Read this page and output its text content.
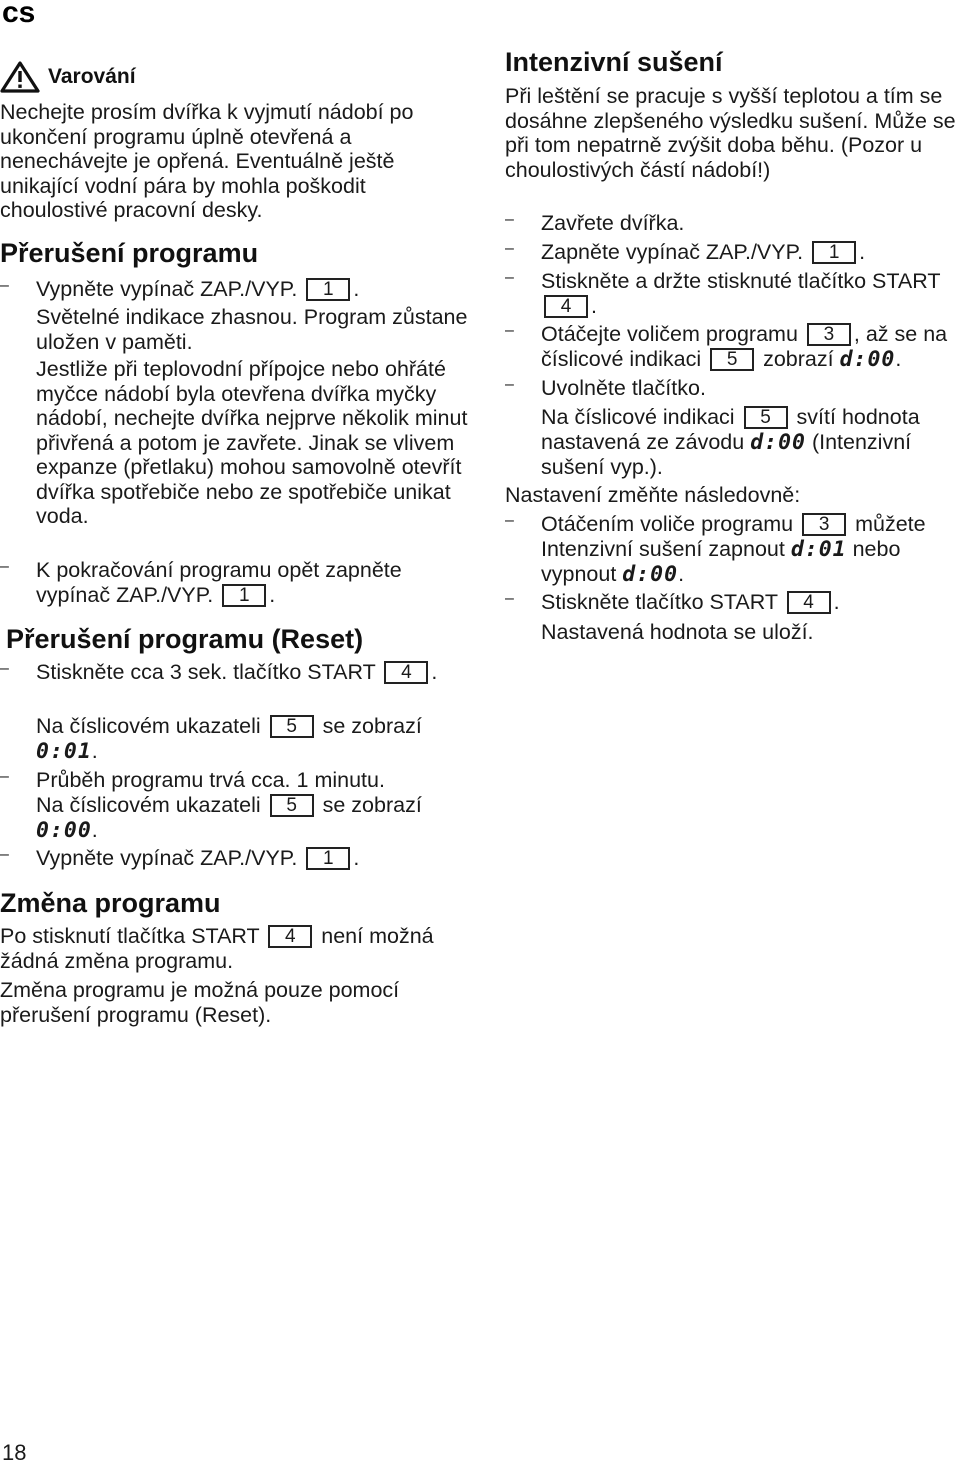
cs
Varování

Nechejte prosím dvířka k vyjmutí nádobí po ukončení programu úplně otevřená a nenechávejte je opřená. Eventuálně ještě unikající vodní pára by mohla poškodit choulostivé pracovní desky.

Přerušení programu
–	Vypněte vypínač ZAP./VYP. 1 .

Světelné indikace zhasnou. Program zůstane uložen v paměti.

Jestliže při teplovodní přípojce nebo ohřáté myčce nádobí byla otevřena dvířka myčky nádobí, nechejte dvířka nejprve několik minut přivřená a potom je zavřete. Jinak se vlivem expanze (přetlaku) mohou samovolně otevřít dvířka spotřebiče nebo ze spotřebiče unikat voda.

–	K pokračování programu opět zapněte vypínač ZAP./VYP. 1 .

Přerušení programu (Reset)
–	Stiskněte cca 3 sek. tlačítko START 4 .

Na číslicovém ukazateli 5 se zobrazí 0:01.

–	Průběh programu trvá cca. 1 minutu.

Na číslicovém ukazateli 5 se zobrazí 0:00.

–	Vypněte vypínač ZAP./VYP. 1 .

Změna programu

Po stisknutí tlačítka START 4 není možná žádná změna programu.

Změna programu je možná pouze pomocí přerušení programu (Reset).

Intenzivní sušení

Při leštění se pracuje s vyšší teplotou a tím se dosáhne zlepšeného výsledku sušení. Může se při tom nepatrně zvýšit doba běhu. (Pozor u choulostivých částí nádobí!)

–	Zavřete dvířka.

–	Zapněte vypínač ZAP./VYP. 1 .

–	Stiskněte a držte stisknuté tlačítko START 4 .

–	Otáčejte voličem programu 3 , až se na číslicové indikaci 5 zobrazí d:00.

–	Uvolněte tlačítko.

Na číslicové indikaci 5 svítí hodnota nastavená ze závodu d:00 (Intenzivní sušení vyp.).

Nastavení změňte následovně:

–	Otáčením voliče programu 3 můžete Intenzivní sušení zapnout d:01 nebo vypnout d:00.

–	Stiskněte tlačítko START 4 .

Nastavená hodnota se uloží.

18
